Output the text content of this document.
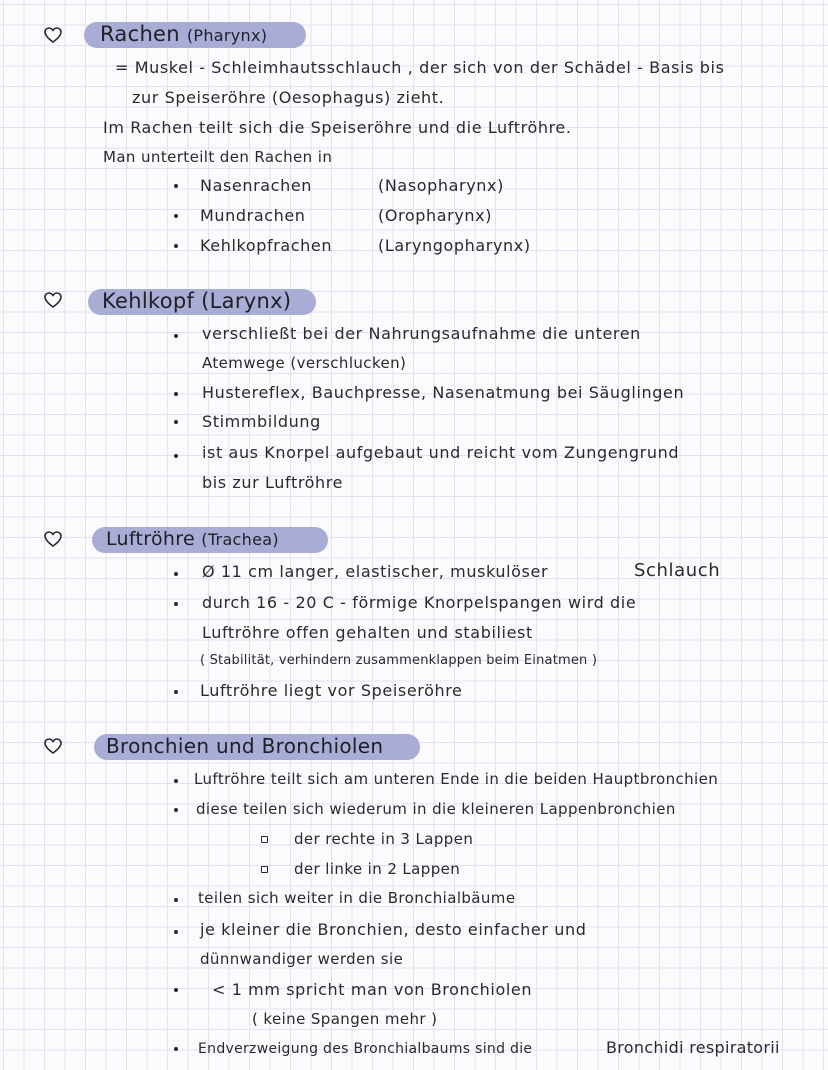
Rachen (Pharynx)
= Muskel - Schleimhautsschlauch , der sich von der Schädel - Basis bis
zur Speiseröhre (Oesophagus) zieht.
Im Rachen teilt sich die Speiseröhre und die Luftröhre.
Man unterteilt den Rachen in
Nasenrachen	(Nasopharynx)
Mundrachen	(Oropharynx)
Kehlkopfrachen	(Laryngopharynx)
Kehlkopf (Larynx)
verschließt bei der Nahrungsaufnahme die unteren
Atemwege (verschlucken)
Hustereflex, Bauchpresse, Nasenatmung bei Säuglingen
Stimmbildung
ist aus Knorpel aufgebaut und reicht vom Zungengrund
bis zur Luftröhre
Luftröhre (Trachea)
Ø 11 cm langer, elastischer, muskulöser	Schlauch
durch 16 - 20 C - förmige Knorpelspangen wird die
Luftröhre offen gehalten und stabiliest
( Stabilität, verhindern zusammenklappen beim Einatmen )
Luftröhre liegt vor Speiseröhre
Bronchien und Bronchiolen
Luftröhre teilt sich am unteren Ende in die beiden Hauptbronchien
diese teilen sich wiederum in die kleineren Lappenbronchien
der rechte in 3 Lappen
der linke in 2 Lappen
teilen sich weiter in die Bronchialbäume
je kleiner die Bronchien, desto einfacher und
dünnwandiger werden sie
< 1 mm spricht man von Bronchiolen
( keine Spangen mehr )
Endverzweigung des Bronchialbaums sind die	Bronchidi respiratorii
